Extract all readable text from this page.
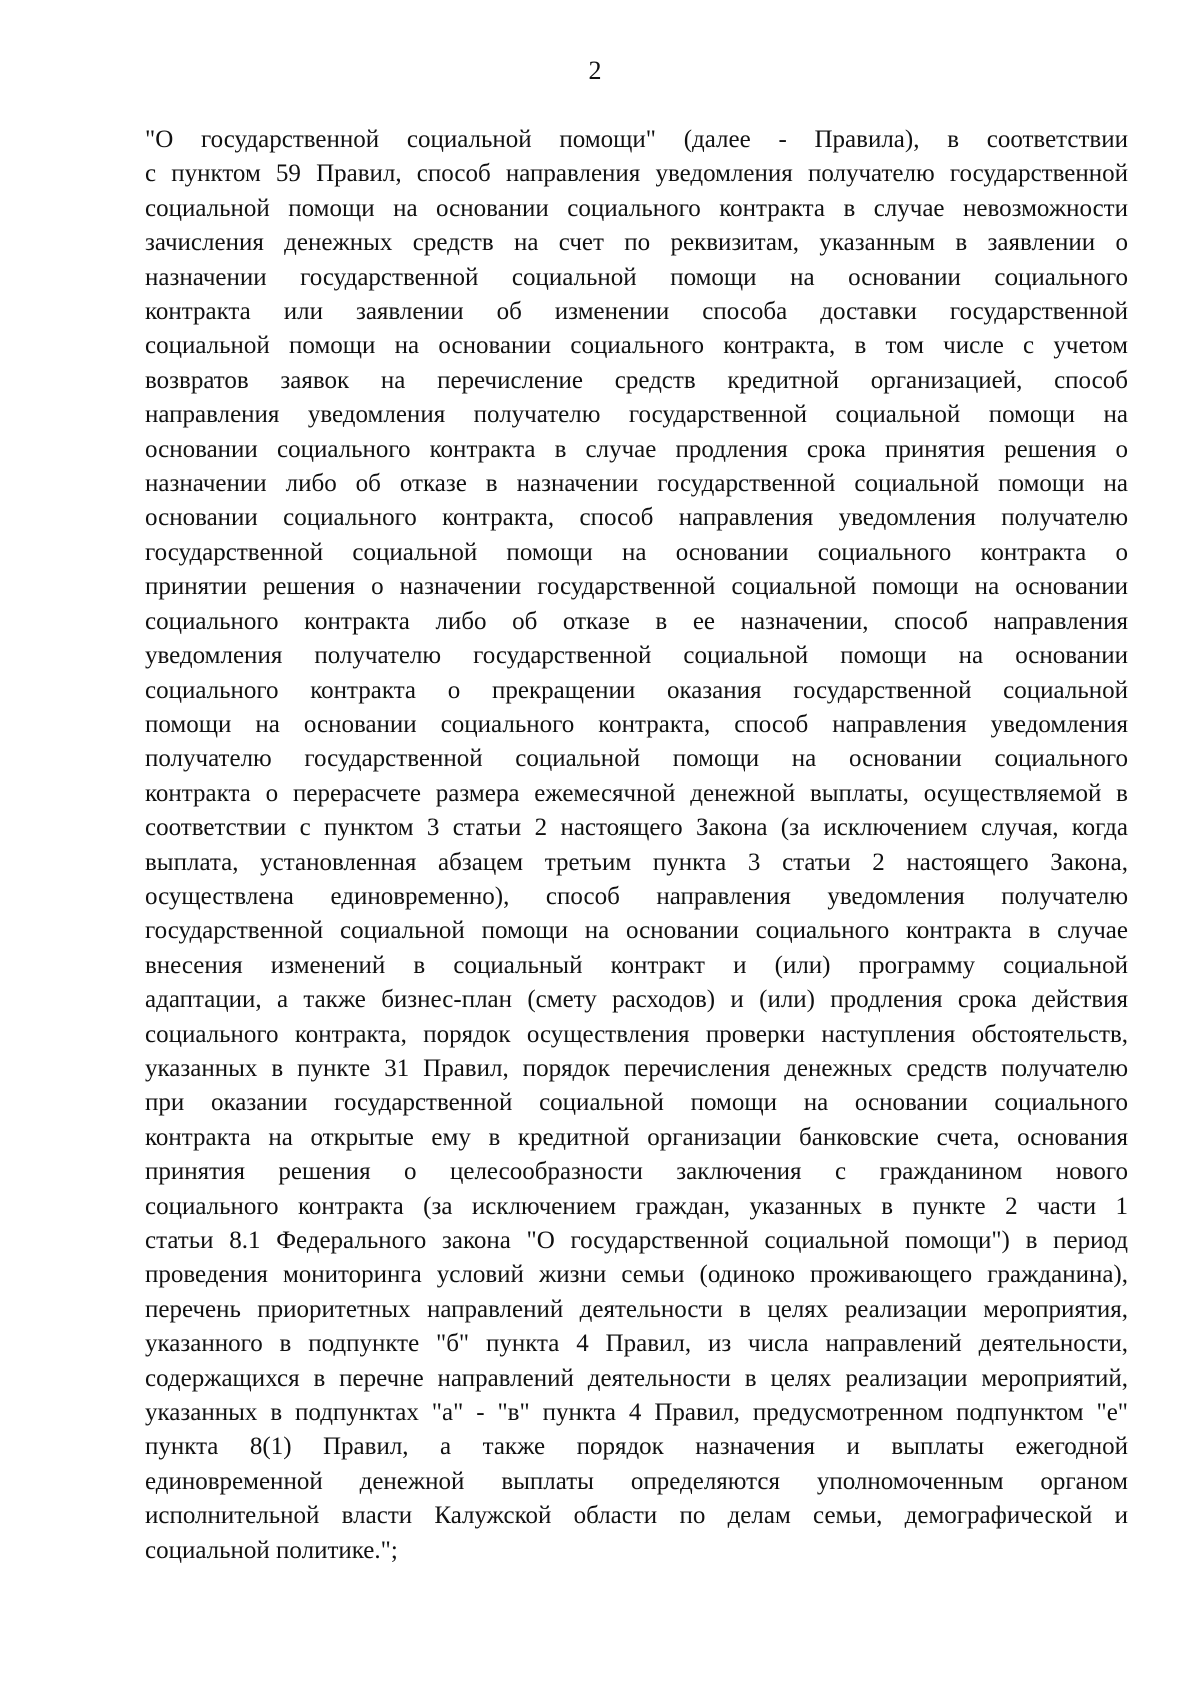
2
"О государственной социальной помощи" (далее - Правила), в соответствии
с пунктом 59 Правил, способ направления уведомления получателю государственной
социальной помощи на основании социального контракта в случае невозможности
зачисления денежных средств на счет по реквизитам, указанным в заявлении о
назначении государственной социальной помощи на основании социального
контракта или заявлении об изменении способа доставки государственной
социальной помощи на основании социального контракта, в том числе с учетом
возвратов заявок на перечисление средств кредитной организацией, способ
направления уведомления получателю государственной социальной помощи на
основании социального контракта в случае продления срока принятия решения о
назначении либо об отказе в назначении государственной социальной помощи на
основании социального контракта, способ направления уведомления получателю
государственной социальной помощи на основании социального контракта о
принятии решения о назначении государственной социальной помощи на основании
социального контракта либо об отказе в ее назначении, способ направления
уведомления получателю государственной социальной помощи на основании
социального контракта о прекращении оказания государственной социальной
помощи на основании социального контракта, способ направления уведомления
получателю государственной социальной помощи на основании социального
контракта о перерасчете размера ежемесячной денежной выплаты, осуществляемой в
соответствии с пунктом 3 статьи 2 настоящего Закона (за исключением случая, когда
выплата, установленная абзацем третьим пункта 3 статьи 2 настоящего Закона,
осуществлена единовременно), способ направления уведомления получателю
государственной социальной помощи на основании социального контракта в случае
внесения изменений в социальный контракт и (или) программу социальной
адаптации, а также бизнес-план (смету расходов) и (или) продления срока действия
социального контракта, порядок осуществления проверки наступления обстоятельств,
указанных в пункте 31 Правил, порядок перечисления денежных средств получателю
при оказании государственной социальной помощи на основании социального
контракта на открытые ему в кредитной организации банковские счета, основания
принятия решения о целесообразности заключения с гражданином нового
социального контракта (за исключением граждан, указанных в пункте 2 части 1
статьи 8.1 Федерального закона "О государственной социальной помощи") в период
проведения мониторинга условий жизни семьи (одиноко проживающего гражданина),
перечень приоритетных направлений деятельности в целях реализации мероприятия,
указанного в подпункте "б" пункта 4 Правил, из числа направлений деятельности,
содержащихся в перечне направлений деятельности в целях реализации мероприятий,
указанных в подпунктах "а" - "в" пункта 4 Правил, предусмотренном подпунктом "е"
пункта 8(1) Правил, а также порядок назначения и выплаты ежегодной
единовременной денежной выплаты определяются уполномоченным органом
исполнительной власти Калужской области по делам семьи, демографической и
социальной политике.";
